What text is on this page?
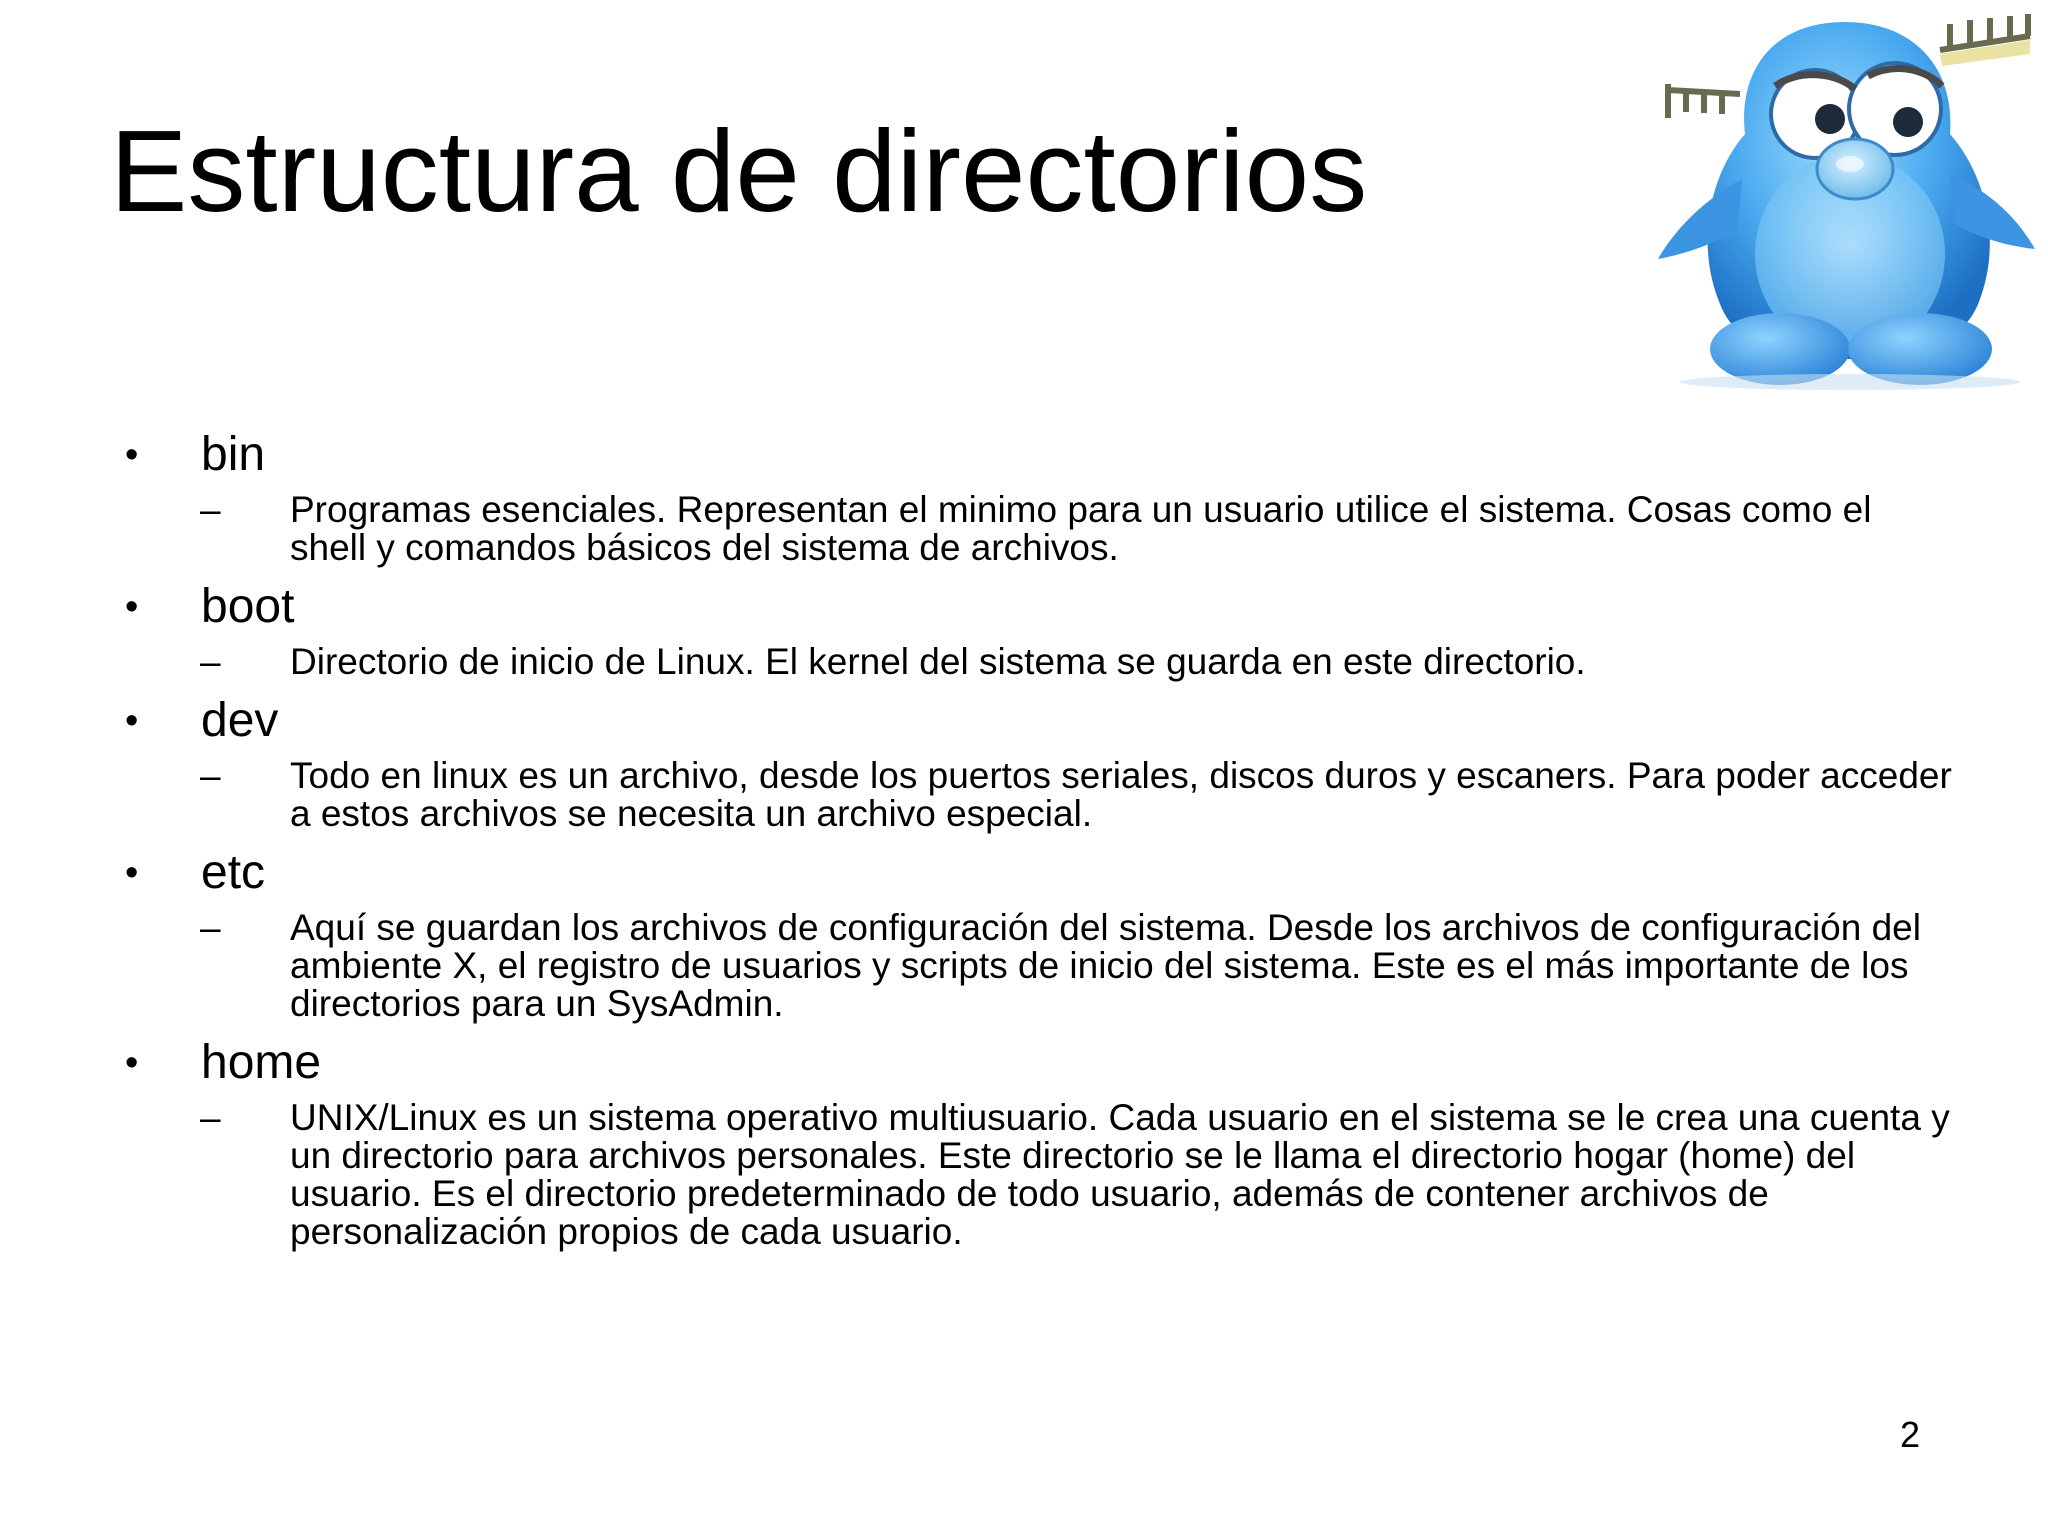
Estructura de directorios
• bin
– Programas esenciales. Representan el minimo para un usuario utilice el sistema. Cosas como el shell y comandos básicos del sistema de archivos.
• boot
– Directorio de inicio de Linux. El kernel del sistema se guarda en este directorio.
• dev
– Todo en linux es un archivo, desde los puertos seriales, discos duros y escaners. Para poder acceder a estos archivos se necesita un archivo especial.
• etc
– Aquí se guardan los archivos de configuración del sistema. Desde los archivos de configuración del ambiente X, el registro de usuarios y scripts de inicio del sistema. Este es el más importante de los directorios para un SysAdmin.
• home
– UNIX/Linux es un sistema operativo multiusuario. Cada usuario en el sistema se le crea una cuenta y un directorio para archivos personales. Este directorio se le llama el directorio hogar (home) del usuario. Es el directorio predeterminado de todo usuario, además de contener archivos de personalización propios de cada usuario.
2
